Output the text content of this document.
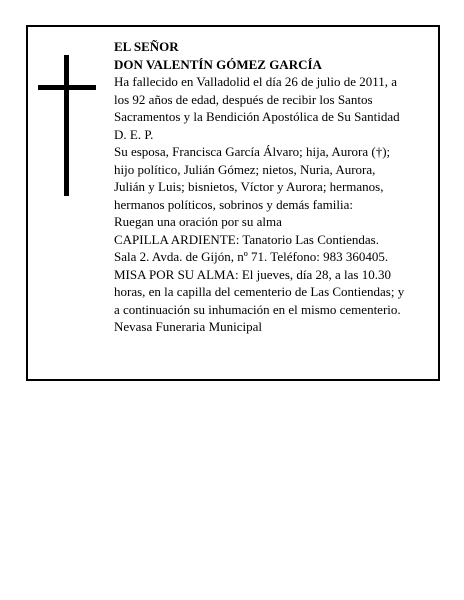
EL SEÑOR

DON VALENTÍN GÓMEZ GARCÍA

Ha fallecido en Valladolid el día 26 de julio de 2011, a

los 92 años de edad, después de recibir los Santos

Sacramentos y la Bendición Apostólica de Su Santidad

D. E. P.

Su esposa, Francisca García Álvaro; hija, Aurora (†);

hijo político, Julián Gómez; nietos, Nuria, Aurora,

Julián y Luis; bisnietos, Víctor y Aurora; hermanos,

hermanos políticos, sobrinos y demás familia:

Ruegan una oración por su alma

CAPILLA ARDIENTE: Tanatorio Las Contiendas.

Sala 2. Avda. de Gijón, nº 71. Teléfono: 983 360405.

MISA POR SU ALMA: El jueves, día 28, a las 10.30

horas, en la capilla del cementerio de Las Contiendas; y

a continuación su inhumación en el mismo cementerio.

Nevasa Funeraria Municipal
